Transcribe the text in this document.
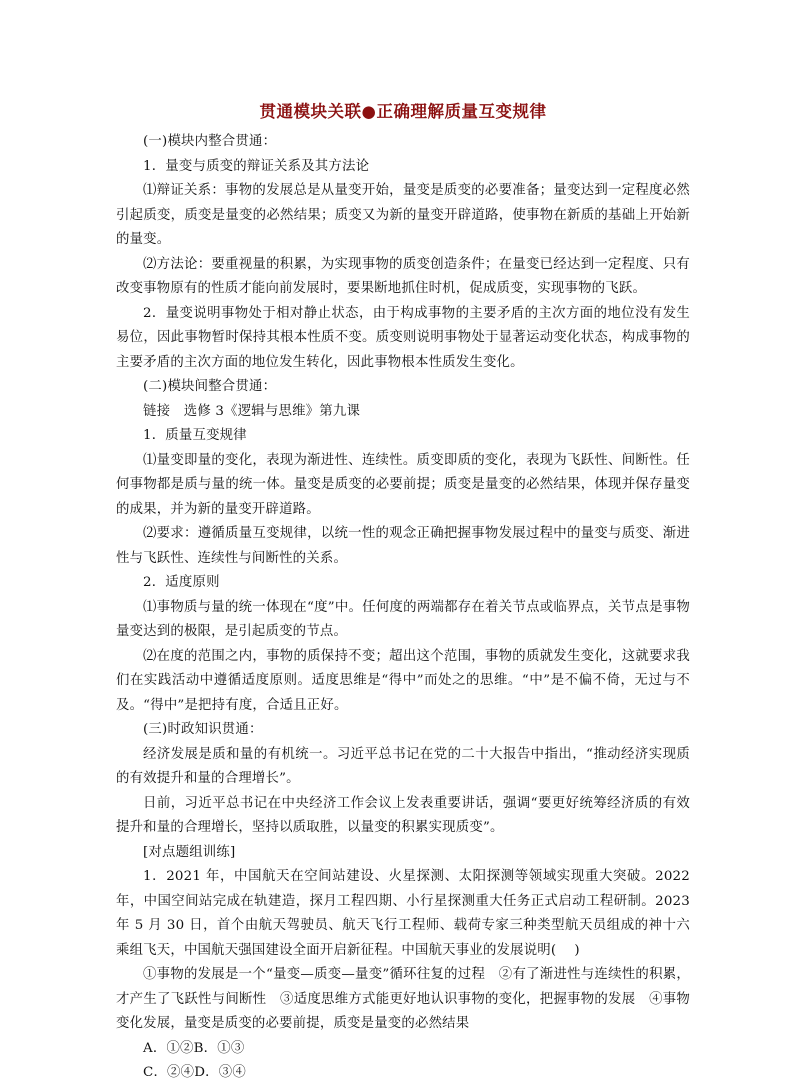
贯通模块关联●正确理解质量互变规律

(一)模块内整合贯通：

1．量变与质变的辩证关系及其方法论

⑴辩证关系：事物的发展总是从量变开始，量变是质变的必要准备；量变达到一定程度必然引起质变，质变是量变的必然结果；质变又为新的量变开辟道路，使事物在新质的基础上开始新的量变。

⑵方法论：要重视量的积累，为实现事物的质变创造条件；在量变已经达到一定程度、只有改变事物原有的性质才能向前发展时，要果断地抓住时机，促成质变，实现事物的飞跃。

2．量变说明事物处于相对静止状态，由于构成事物的主要矛盾的主次方面的地位没有发生易位，因此事物暂时保持其根本性质不变。质变则说明事物处于显著运动变化状态，构成事物的主要矛盾的主次方面的地位发生转化，因此事物根本性质发生变化。

(二)模块间整合贯通：

链接　选修 3《逻辑与思维》第九课

1．质量互变规律

⑴量变即量的变化，表现为渐进性、连续性。质变即质的变化，表现为飞跃性、间断性。任何事物都是质与量的统一体。量变是质变的必要前提；质变是量变的必然结果，体现并保存量变的成果，并为新的量变开辟道路。

⑵要求：遵循质量互变规律，以统一性的观念正确把握事物发展过程中的量变与质变、渐进性与飞跃性、连续性与间断性的关系。

2．适度原则

⑴事物质与量的统一体现在“度”中。任何度的两端都存在着关节点或临界点，关节点是事物量变达到的极限，是引起质变的节点。

⑵在度的范围之内，事物的质保持不变；超出这个范围，事物的质就发生变化，这就要求我们在实践活动中遵循适度原则。适度思维是“得中”而处之的思维。“中”是不偏不倚，无过与不及。“得中”是把持有度，合适且正好。

(三)时政知识贯通：

经济发展是质和量的有机统一。习近平总书记在党的二十大报告中指出，“推动经济实现质的有效提升和量的合理增长”。

日前，习近平总书记在中央经济工作会议上发表重要讲话，强调“要更好统筹经济质的有效提升和量的合理增长，坚持以质取胜，以量变的积累实现质变”。

[对点题组训练]

1．2021 年，中国航天在空间站建设、火星探测、太阳探测等领域实现重大突破。2022 年，中国空间站完成在轨建造，探月工程四期、小行星探测重大任务正式启动工程研制。2023 年 5 月 30 日，首个由航天驾驶员、航天飞行工程师、载荷专家三种类型航天员组成的神十六乘组飞天，中国航天强国建设全面开启新征程。中国航天事业的发展说明( )

①事物的发展是一个“量变—质变—量变”循环往复的过程　②有了渐进性与连续性的积累，才产生了飞跃性与间断性　③适度思维方式能更好地认识事物的变化，把握事物的发展　④事物变化发展，量变是质变的必要前提，质变是量变的必然结果

A．①②B．①③

C．②④D．③④
